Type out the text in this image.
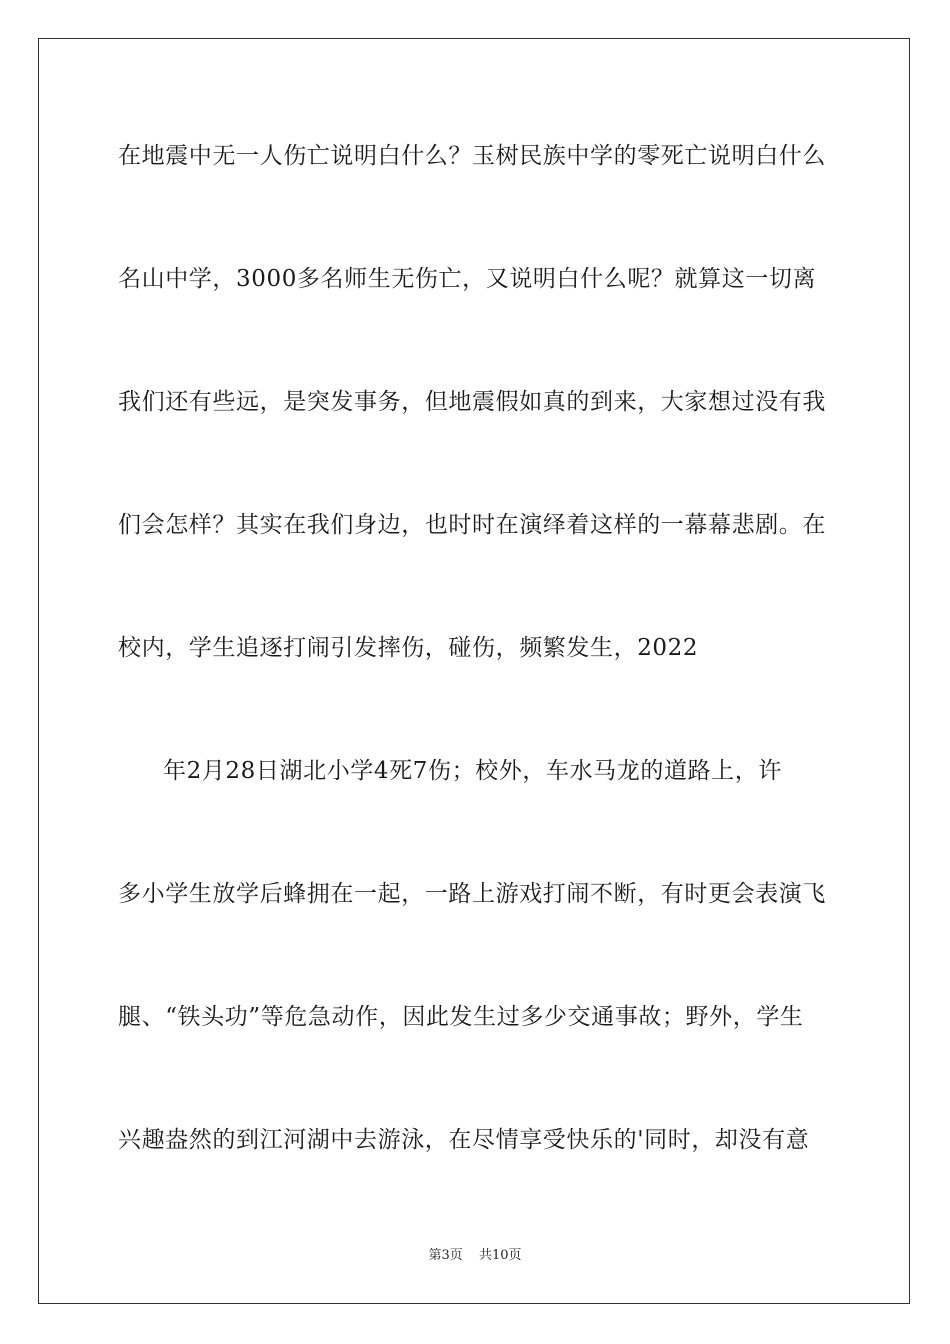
在地震中无一人伤亡说明白什么？玉树民族中学的零死亡说明白什么
名山中学，3000多名师生无伤亡，又说明白什么呢？就算这一切离
我们还有些远，是突发事务，但地震假如真的到来，大家想过没有我
们会怎样？其实在我们身边，也时时在演绎着这样的一幕幕悲剧。在
校内，学生追逐打闹引发摔伤，碰伤，频繁发生，2022
年2月28日湖北小学4死7伤；校外，车水马龙的道路上，许
多小学生放学后蜂拥在一起，一路上游戏打闹不断，有时更会表演飞
腿、“铁头功”等危急动作，因此发生过多少交通事故；野外，学生
兴趣盎然的到江河湖中去游泳，在尽情享受快乐的'同时，却没有意
第3页 共10页
